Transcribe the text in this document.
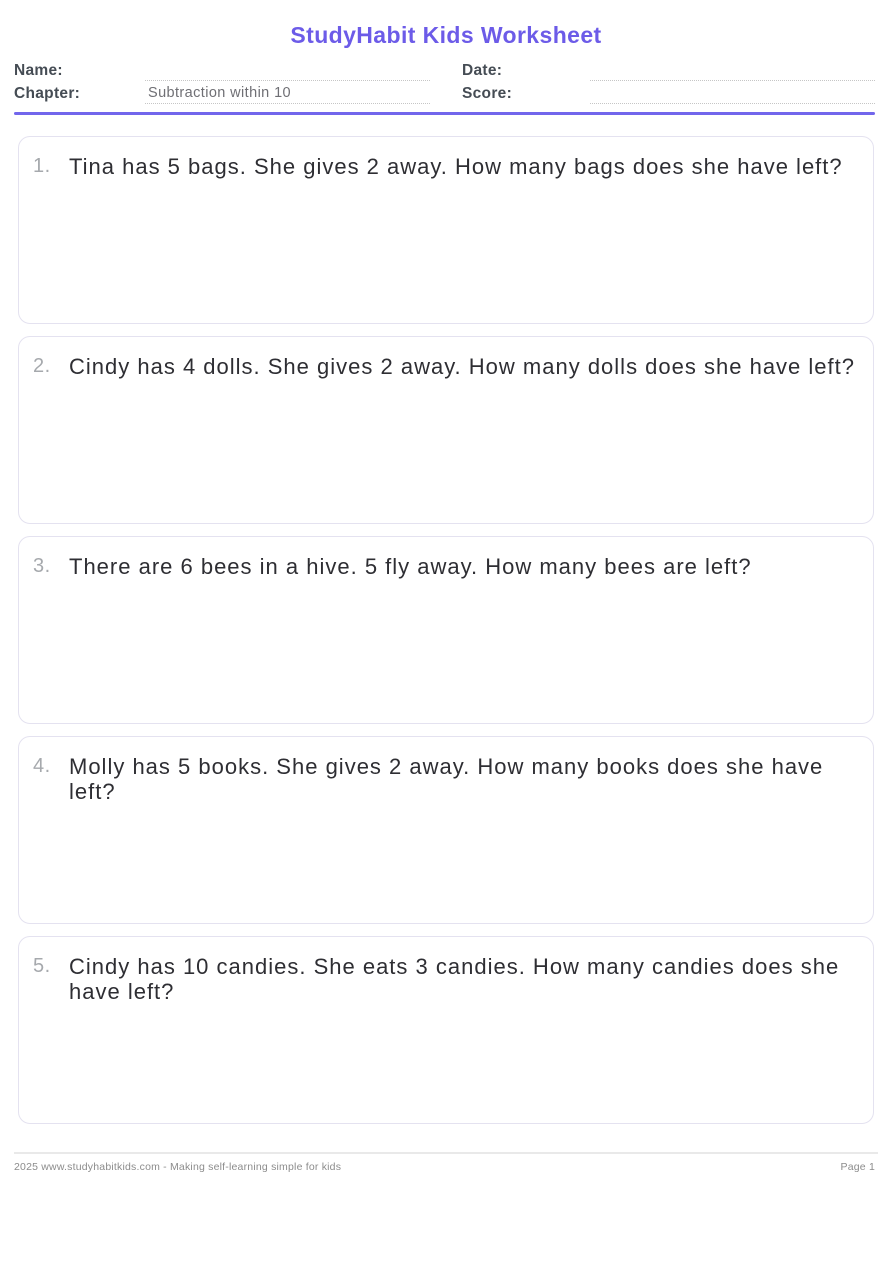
StudyHabit Kids Worksheet
Name:	Date:
Chapter:	Subtraction within 10	Score:
1. Tina has 5 bags. She gives 2 away. How many bags does she have left?
2. Cindy has 4 dolls. She gives 2 away. How many dolls does she have left?
3. There are 6 bees in a hive. 5 fly away. How many bees are left?
4. Molly has 5 books. She gives 2 away. How many books does she have left?
5. Cindy has 10 candies. She eats 3 candies. How many candies does she have left?
2025 www.studyhabitkids.com - Making self-learning simple for kids	Page 1
